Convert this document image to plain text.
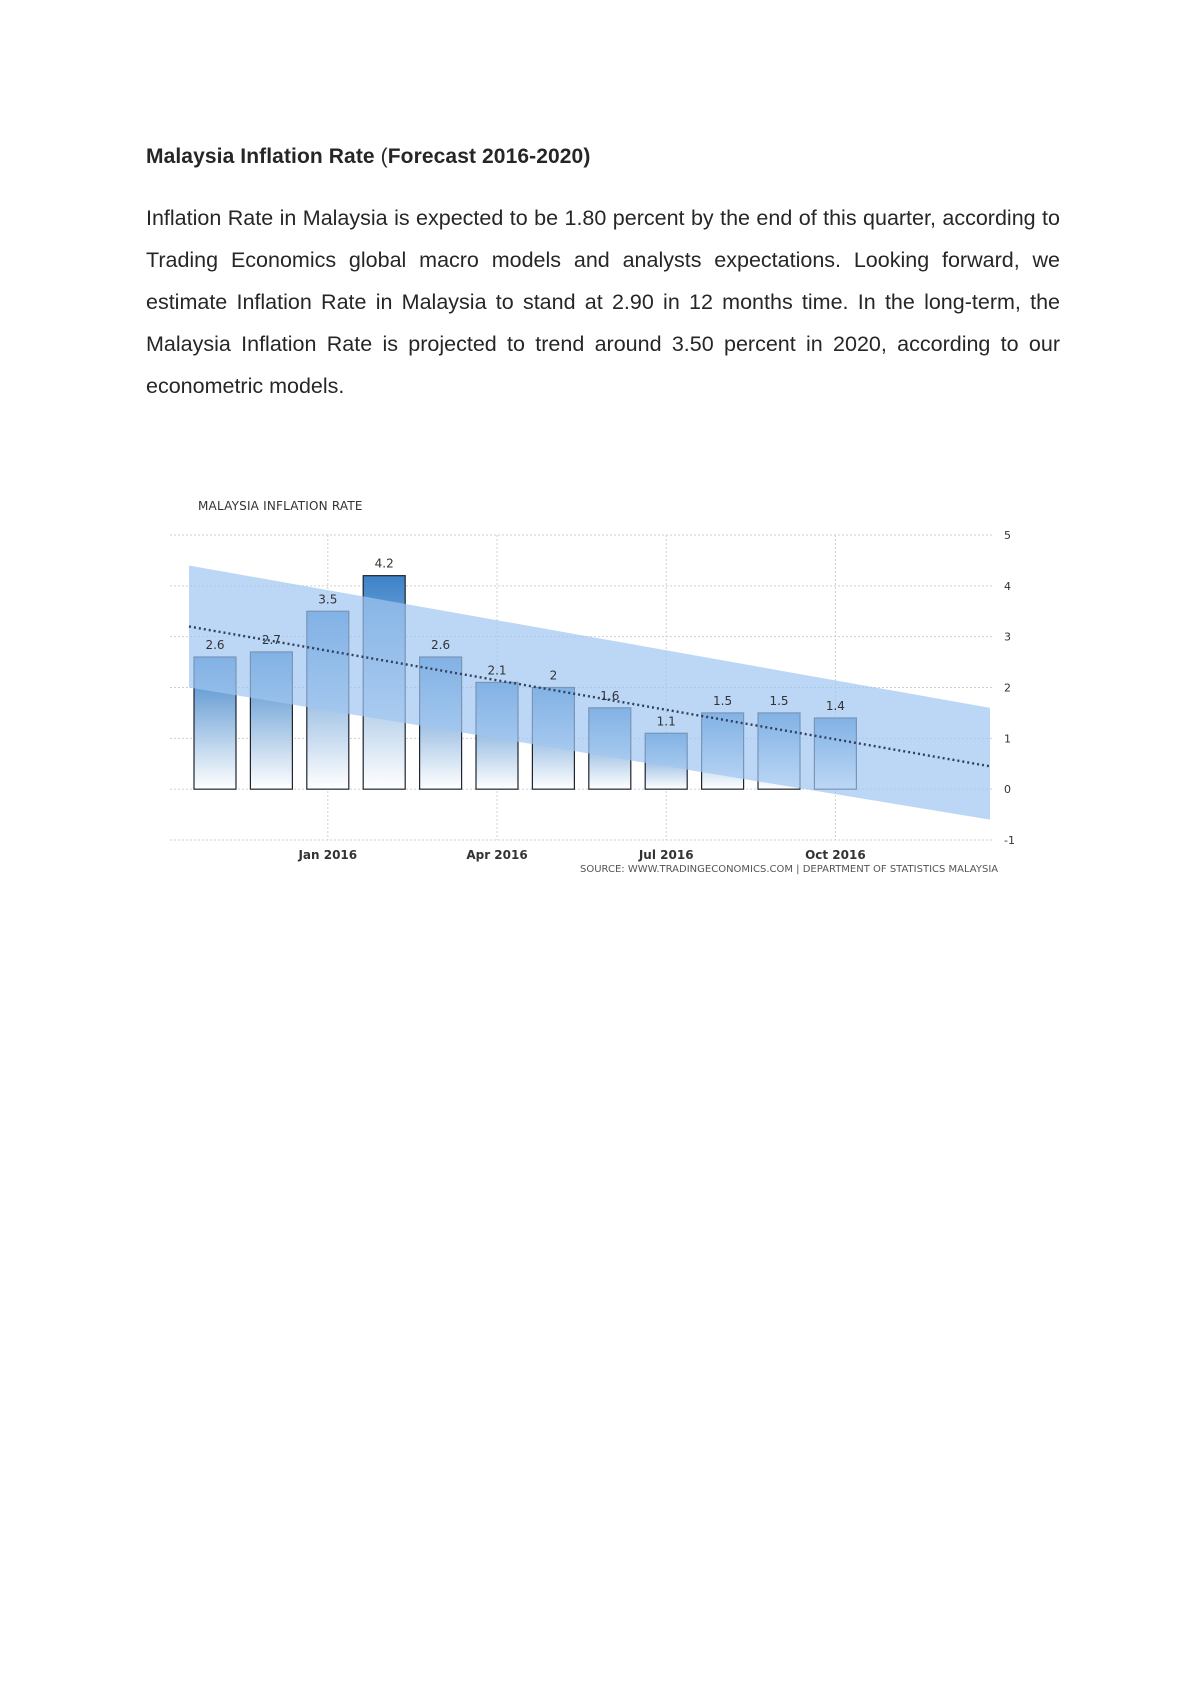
Malaysia Inflation Rate (Forecast 2016-2020)

Inflation Rate in Malaysia is expected to be 1.80 percent by the end of this quarter, according to Trading Economics global macro models and analysts expectations. Looking forward, we estimate Inflation Rate in Malaysia to stand at 2.90 in 12 months time. In the long-term, the Malaysia Inflation Rate is projected to trend around 3.50 percent in 2020, according to our econometric models.

MALAYSIA INFLATION RATE
2.6	2.7
3.5
4.2
2.6
2.1	2
1.6
1.1
1.5	1.5	1.4
5
4
3
2
1
0
-1
Jan 2016	Apr 2016	Jul 2016	Oct 2016
SOURCE: WWW.TRADINGECONOMICS.COM | DEPARTMENT OF STATISTICS MALAYSIA
